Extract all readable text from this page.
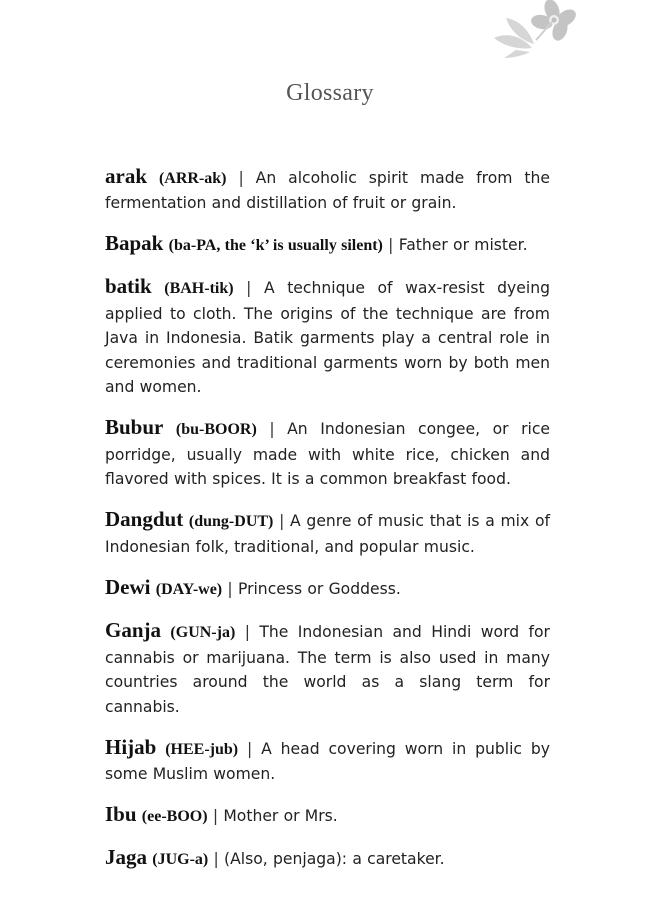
Glossary

arak (ARR-ak) | An alcoholic spirit made from the fermentation and distillation of fruit or grain.

Bapak (ba-PA, the ‘k’ is usually silent) | Father or mister.

batik (BAH-tik) | A technique of wax-resist dyeing applied to cloth. The origins of the technique are from Java in Indonesia. Batik garments play a central role in ceremonies and traditional garments worn by both men and women.

Bubur (bu-BOOR) | An Indonesian congee, or rice porridge, usually made with white rice, chicken and flavored with spices. It is a common breakfast food.

Dangdut (dung-DUT) | A genre of music that is a mix of Indonesian folk, traditional, and popular music.

Dewi (DAY-we) | Princess or Goddess.

Ganja (GUN-ja) | The Indonesian and Hindi word for cannabis or marijuana. The term is also used in many countries around the world as a slang term for cannabis.

Hijab (HEE-jub) | A head covering worn in public by some Muslim women.

Ibu (ee-BOO) | Mother or Mrs.

Jaga (JUG-a) | (Also, penjaga): a caretaker.
